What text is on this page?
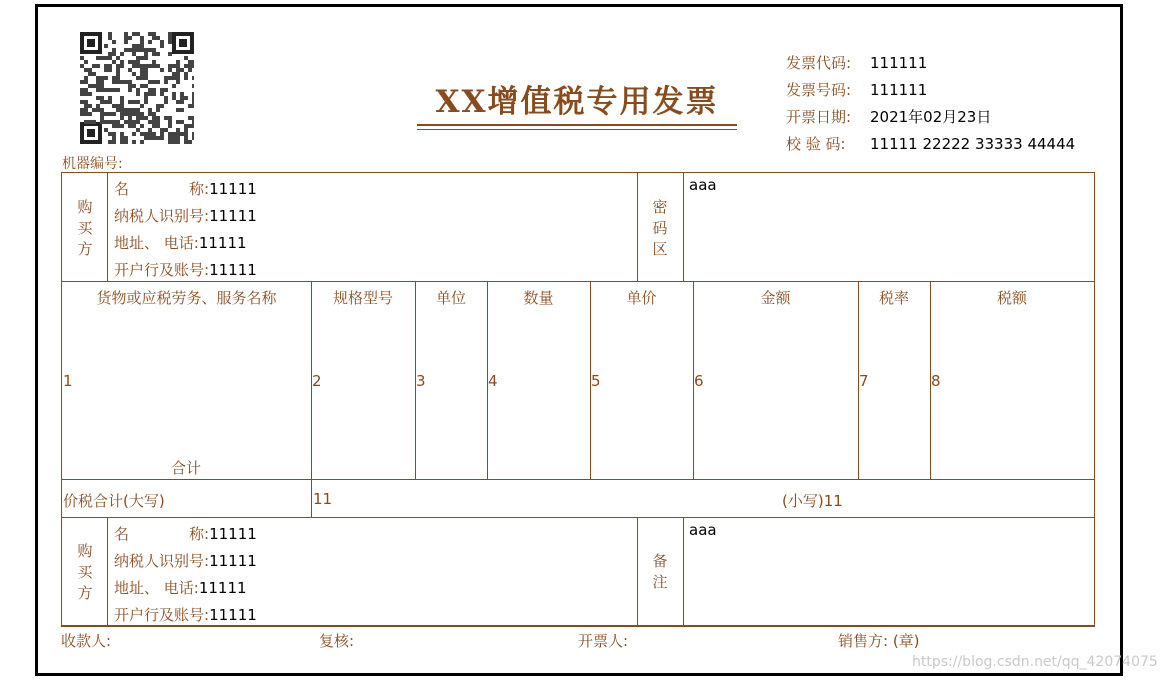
XX增值税专用发票
发票代码: 111111
发票号码: 111111
开票日期: 2021年02月23日
校 验 码: 11111 22222 33333 44444
机器编号:
购
买
方
名　　　　称:11111
纳税人识别号:11111
地址、 电话:11111
开户行及账号:11111
密
码
区
aaa
货物或应税劳务、服务名称	规格型号	单位	数量	单价	金额	税率	税额
1	2	3	4	5	6	7	8
合计
价税合计(大写)	11	(小写)11
购
买
方
名　　　　称:11111
纳税人识别号:11111
地址、 电话:11111
开户行及账号:11111
备
注
aaa
收款人:	复核:	开票人:	销售方: (章)
https://blog.csdn.net/qq_42074075
